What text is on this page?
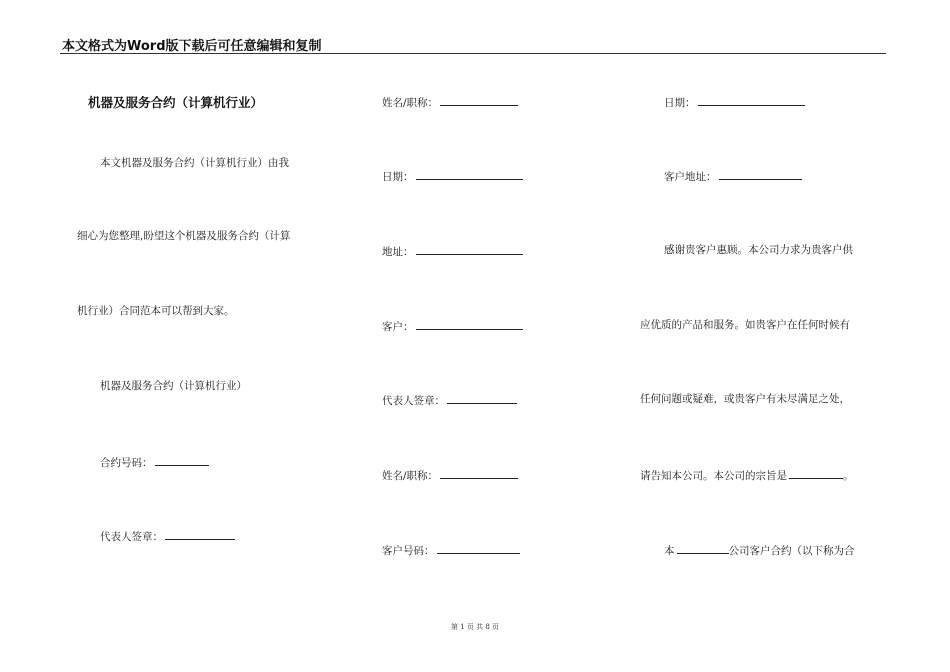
本文格式为Word版下载后可任意编辑和复制
机器及服务合约（计算机行业）
本文机器及服务合约（计算机行业）由我
细心为您整理,盼望这个机器及服务合约（计算
机行业）合同范本可以帮到大家。
机器及服务合约（计算机行业）
合约号码：
代表人签章：
姓名/职称：
日期：
地址：
客户：
代表人签章：
姓名/职称：
客户号码：
日期：
客户地址：
感谢贵客户惠顾。本公司力求为贵客户供
应优质的产品和服务。如贵客户在任何时候有
任何问题或疑难，或贵客户有未尽满足之处，
请告知本公司。本公司的宗旨是	。
本	公司客户合约（以下称为合
第 1 页 共 8 页
